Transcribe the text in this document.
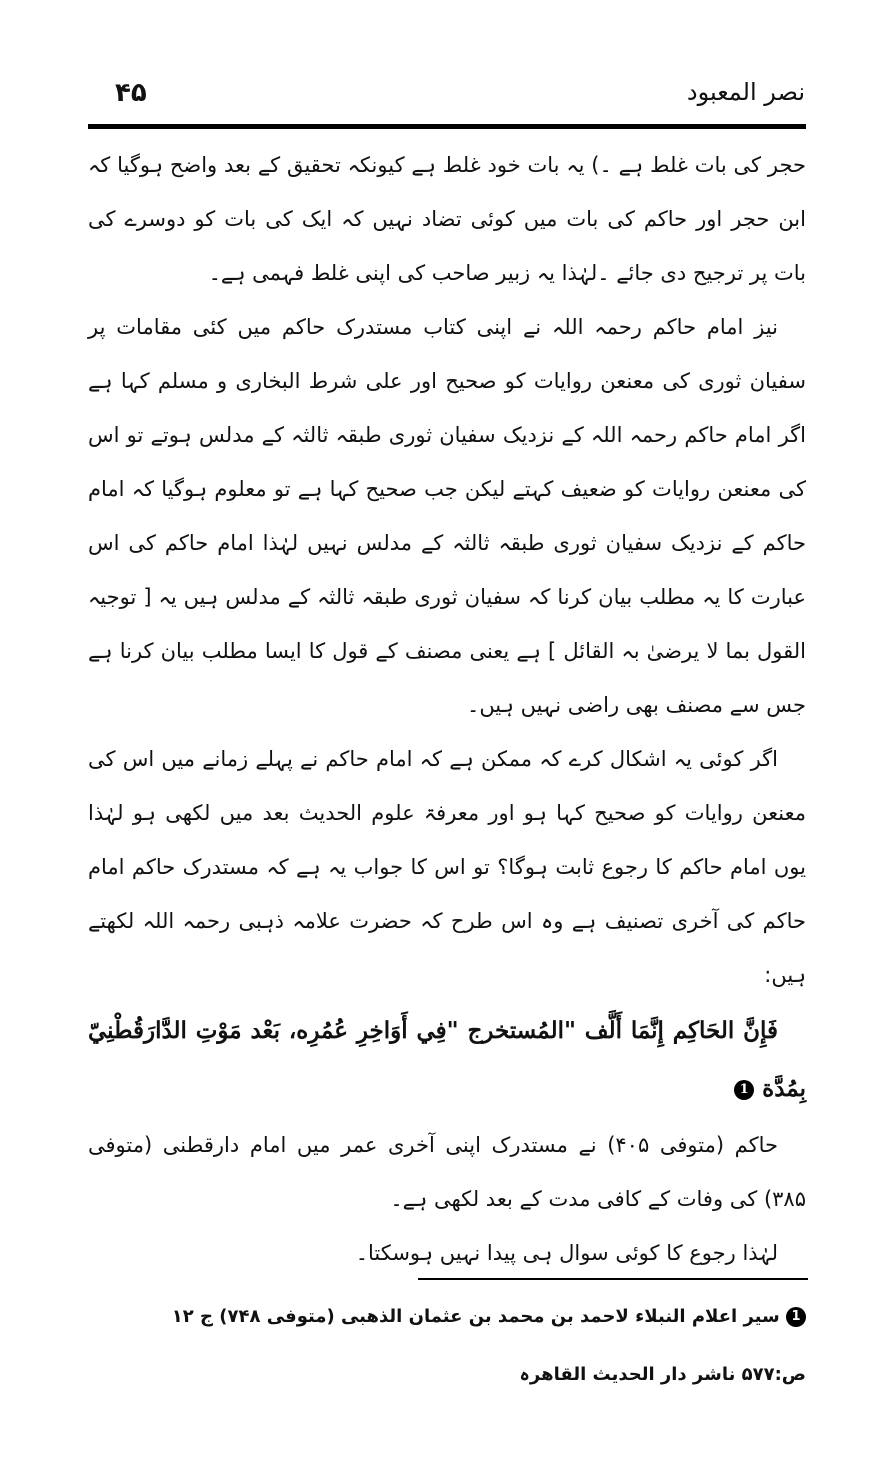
۴۵	نصر المعبود

حجر کی بات غلط ہے ۔) یہ بات خود غلط ہے کیونکہ تحقیق کے بعد واضح ہوگیا کہ ابن حجر اور حاکم کی بات میں کوئی تضاد نہیں کہ ایک کی بات کو دوسرے کی بات پر ترجیح دی جائے ۔لہٰذا یہ زبیر صاحب کی اپنی غلط فہمی ہے۔

نیز امام حاکم رحمہ اللہ نے اپنی کتاب مستدرک حاکم میں کئی مقامات پر سفیان ثوری کی معنعن روایات کو صحیح اور علی شرط البخاری و مسلم کہا ہے اگر امام حاکم رحمہ اللہ کے نزدیک سفیان ثوری طبقہ ثالثہ کے مدلس ہوتے تو اس کی معنعن روایات کو ضعیف کہتے لیکن جب صحیح کہا ہے تو معلوم ہوگیا کہ امام حاکم کے نزدیک سفیان ثوری طبقہ ثالثہ کے مدلس نہیں لہٰذا امام حاکم کی اس عبارت کا یہ مطلب بیان کرنا کہ سفیان ثوری طبقہ ثالثہ کے مدلس ہیں یہ [ توجیہ القول بما لا یرضیٰ بہ القائل ] ہے یعنی مصنف کے قول کا ایسا مطلب بیان کرنا ہے جس سے مصنف بھی راضی نہیں ہیں۔

اگر کوئی یہ اشکال کرے کہ ممکن ہے کہ امام حاکم نے پہلے زمانے میں اس کی معنعن روایات کو صحیح کہا ہو اور معرفۃ علوم الحدیث بعد میں لکھی ہو لہٰذا یوں امام حاکم کا رجوع ثابت ہوگا؟ تو اس کا جواب یہ ہے کہ مستدرک حاکم امام حاکم کی آخری تصنیف ہے وہ اس طرح کہ حضرت علامہ ذہبی رحمہ اللہ لکھتے ہیں:

فَإِنَّ الحَاكِم إِنَّمَا أَلَّف "المُستخرج "فِي أَوَاخِرِ عُمُرِه، بَعْد مَوْتِ الدَّارَقُطْنِيّ بِمُدَّة 1

حاکم (متوفی ۴۰۵) نے مستدرک اپنی آخری عمر میں امام دارقطنی (متوفی ۳۸۵) کی وفات کے کافی مدت کے بعد لکھی ہے۔

لہٰذا رجوع کا کوئی سوال ہی پیدا نہیں ہوسکتا۔

1 سیر اعلام النبلاء لاحمد بن محمد بن عثمان الذھبی (متوفی ۷۴۸) ج ۱۲

ص:۵۷۷ ناشر دار الحدیث القاھرہ
